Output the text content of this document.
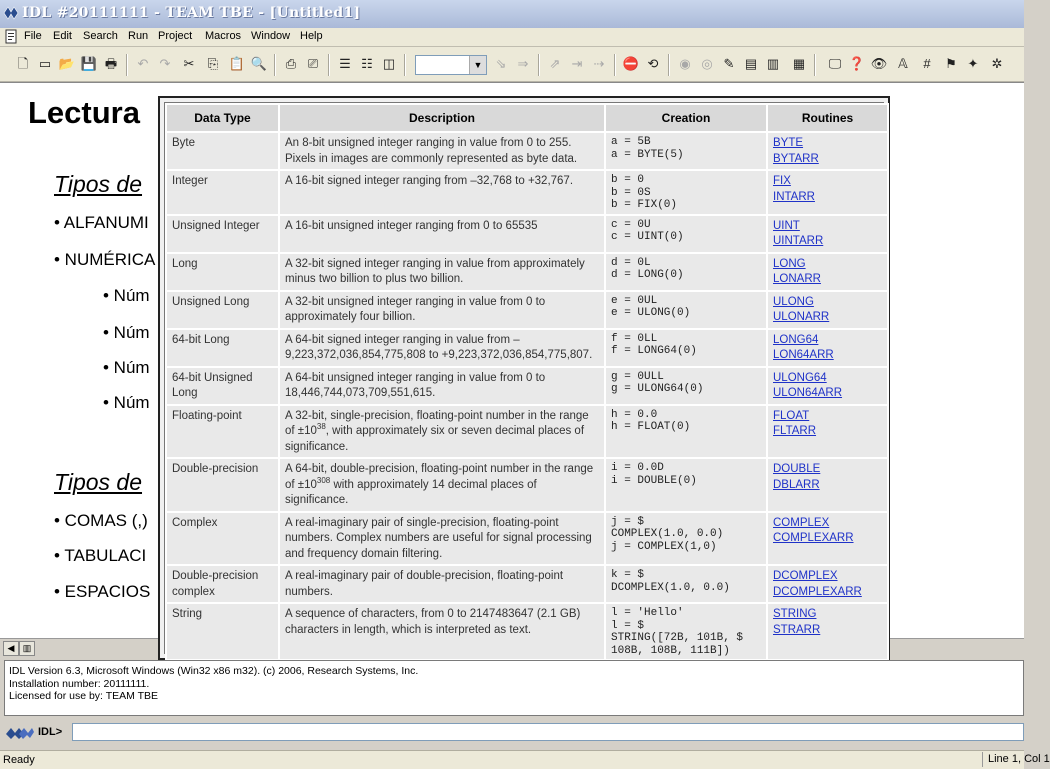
IDL #20111111 - TEAM TBE - [Untitled1]
File Edit Search Run Project Macros Window Help
🗋 ▭ 📂 💾 🖶 ↶ ↷ ✂ ⎘ 📋 🔍 ⎙ ⎚ ☰ ☷ ◫	▼ ⇘ ⇒ ⇗ ⇥ ⇢ ⛔ ⟲ ◉ ◎ ✎ ▤ ▥ ▦ 🖵 ❓ 👁 𝔸	#	⚑ ✦ ✲
Lectura
Tipos de
• ALFANUMI
• NUMÉRICA
• Núm
• Núm
• Núm
• Núm
Tipos de
• COMAS (,)
• TABULACI
• ESPACIOS
◀ ▥
Data Type	Description	Creation	Routines
Byte	An 8-bit unsigned integer ranging in value from 0 to 255. Pixels in images are commonly represented as byte data.	a = 5B
a = BYTE(5)	BYTE
BYTARR

Integer	A 16-bit signed integer ranging from –32,768 to +32,767.	b = 0
b = 0S
b = FIX(0)	FIX
INTARR

Unsigned Integer	A 16-bit unsigned integer ranging from 0 to 65535	c = 0U
c = UINT(0)	UINT
UINTARR

Long	A 32-bit signed integer ranging in value from approximately minus two billion to plus two billion.	d = 0L
d = LONG(0)	LONG
LONARR

Unsigned Long	A 32-bit unsigned integer ranging in value from 0 to approximately four billion.	e = 0UL
e = ULONG(0)	ULONG
ULONARR

64-bit Long	A 64-bit signed integer ranging in value from –9,223,372,036,854,775,808 to +9,223,372,036,854,775,807.	f = 0LL
f = LONG64(0)	LONG64
LON64ARR

64-bit Unsigned Long	A 64-bit unsigned integer ranging in value from 0 to 18,446,744,073,709,551,615.	g = 0ULL
g = ULONG64(0)	ULONG64
ULON64ARR

Floating-point	A 32-bit, single-precision, floating-point number in the range of $\pm 10^{38}$, with approximately six or seven decimal places of significance.	h = 0.0
h = FLOAT(0)	FLOAT
FLTARR

Double-precision	A 64-bit, double-precision, floating-point number in the range of $\pm 10^{308}$ with approximately 14 decimal places of significance.	i = 0.0D
i = DOUBLE(0)	DOUBLE
DBLARR

Complex	A real-imaginary pair of single-precision, floating-point numbers. Complex numbers are useful for signal processing and frequency domain filtering.	j = $
COMPLEX(1.0, 0.0)
j = COMPLEX(1,0)	COMPLEX
COMPLEXARR

Double-precision complex	A real-imaginary pair of double-precision, floating-point numbers.	k = $
DCOMPLEX(1.0, 0.0)	DCOMPLEX
DCOMPLEXARR

String	A sequence of characters, from 0 to 2147483647 (2.1 GB) characters in length, which is interpreted as text.	l = 'Hello'
l = $
STRING([72B, 101B, $
108B, 108B, 111B])	STRING
STRARR
IDL Version 6.3, Microsoft Windows (Win32 x86 m32). (c) 2006, Research Systems, Inc.
Installation number: 20111111.
Licensed for use by: TEAM TBE
IDL>
Ready	Line 1, Col 1
